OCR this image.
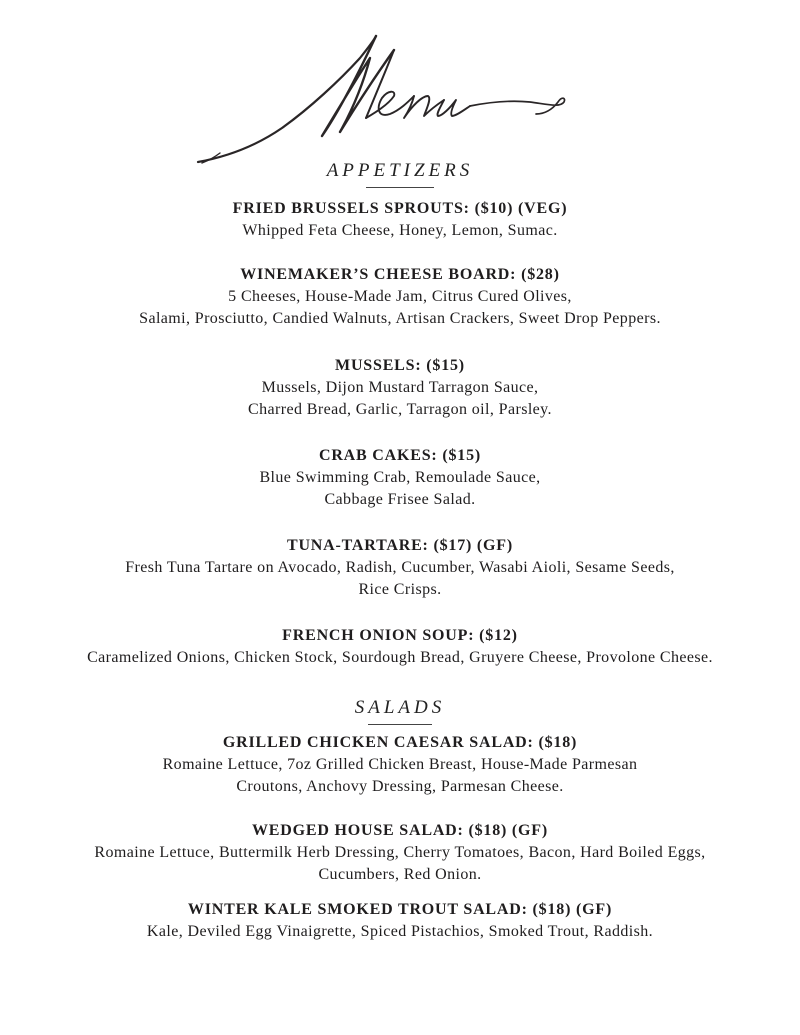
APPETIZERS
FRIED BRUSSELS SPROUTS: ($10) (VEG)
Whipped Feta Cheese, Honey, Lemon, Sumac.
WINEMAKER’S CHEESE BOARD: ($28)
5 Cheeses, House-Made Jam, Citrus Cured Olives,
Salami, Prosciutto, Candied Walnuts, Artisan Crackers, Sweet Drop Peppers.
MUSSELS: ($15)
Mussels, Dijon Mustard Tarragon Sauce,
Charred Bread, Garlic, Tarragon oil, Parsley.
CRAB CAKES: ($15)
Blue Swimming Crab, Remoulade Sauce,
Cabbage Frisee Salad.
TUNA-TARTARE: ($17) (GF)
Fresh Tuna Tartare on Avocado, Radish, Cucumber, Wasabi Aioli, Sesame Seeds,
Rice Crisps.
FRENCH ONION SOUP: ($12)
Caramelized Onions, Chicken Stock, Sourdough Bread, Gruyere Cheese, Provolone Cheese.
SALADS
GRILLED CHICKEN CAESAR SALAD: ($18)
Romaine Lettuce, 7oz Grilled Chicken Breast, House-Made Parmesan
Croutons, Anchovy Dressing, Parmesan Cheese.
WEDGED HOUSE SALAD: ($18) (GF)
Romaine Lettuce, Buttermilk Herb Dressing, Cherry Tomatoes, Bacon, Hard Boiled Eggs,
Cucumbers, Red Onion.
WINTER KALE SMOKED TROUT SALAD: ($18) (GF)
Kale, Deviled Egg Vinaigrette, Spiced Pistachios, Smoked Trout, Raddish.
